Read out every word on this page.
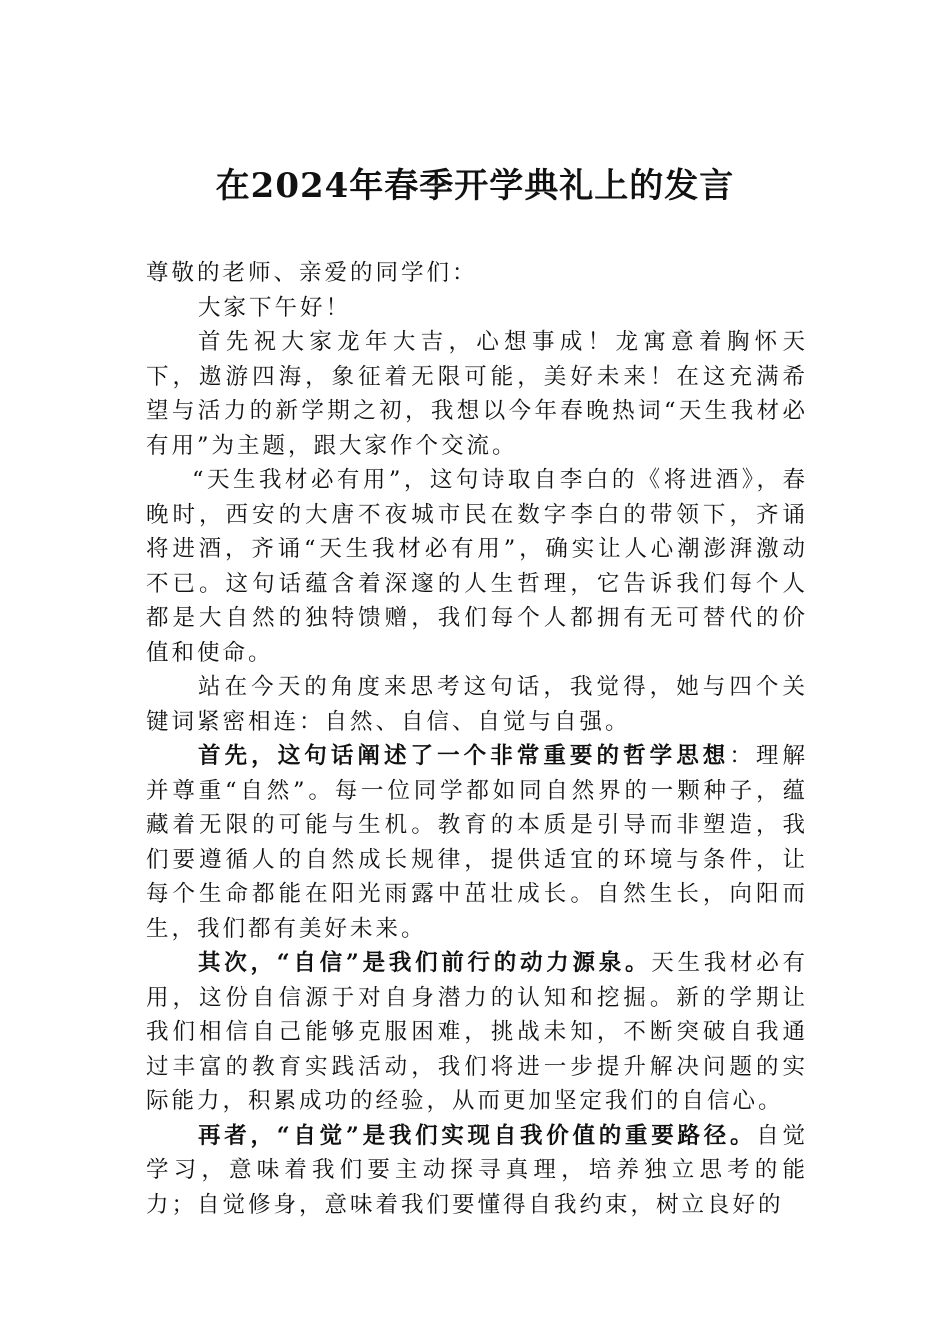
在2024年春季开学典礼上的发言

尊敬的老师、亲爱的同学们：

大家下午好！

首先祝大家龙年大吉，心想事成！龙寓意着胸怀天下，遨游四海，象征着无限可能，美好未来！在这充满希望与活力的新学期之初，我想以今年春晚热词“天生我材必有用”为主题，跟大家作个交流。

“天生我材必有用”，这句诗取自李白的《将进酒》，春晚时，西安的大唐不夜城市民在数字李白的带领下，齐诵将进酒，齐诵“天生我材必有用”，确实让人心潮澎湃激动不已。这句话蕴含着深邃的人生哲理，它告诉我们每个人都是大自然的独特馈赠，我们每个人都拥有无可替代的价值和使命。

站在今天的角度来思考这句话，我觉得，她与四个关键词紧密相连：自然、自信、自觉与自强。

首先，这句话阐述了一个非常重要的哲学思想：理解并尊重“自然”。每一位同学都如同自然界的一颗种子，蕴藏着无限的可能与生机。教育的本质是引导而非塑造，我们要遵循人的自然成长规律，提供适宜的环境与条件，让每个生命都能在阳光雨露中茁壮成长。自然生长，向阳而生，我们都有美好未来。

其次，“自信”是我们前行的动力源泉。天生我材必有用，这份自信源于对自身潜力的认知和挖掘。新的学期让我们相信自己能够克服困难，挑战未知，不断突破自我通过丰富的教育实践活动，我们将进一步提升解决问题的实际能力，积累成功的经验，从而更加坚定我们的自信心。

再者，“自觉”是我们实现自我价值的重要路径。自觉学习，意味着我们要主动探寻真理，培养独立思考的能力；自觉修身，意味着我们要懂得自我约束，树立良好的
